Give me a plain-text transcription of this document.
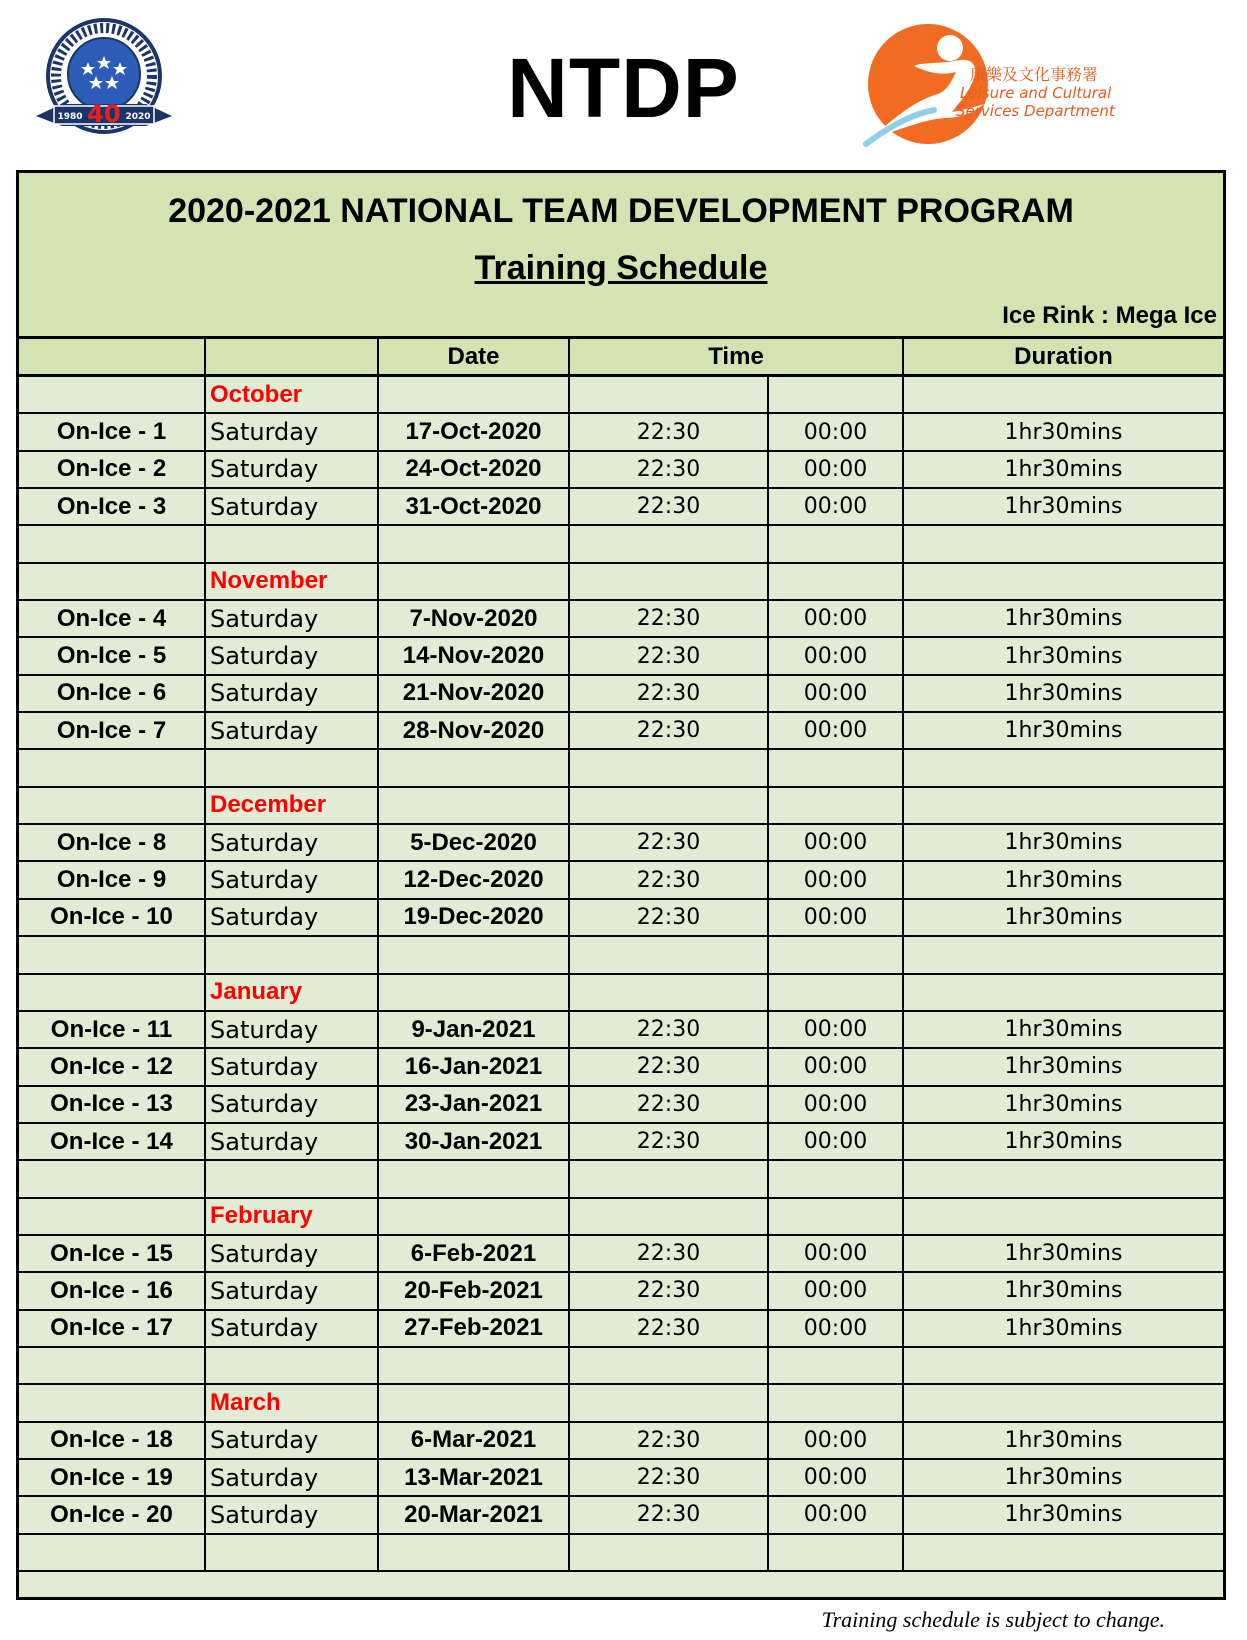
1980	2020
40	NTDP	康樂及文化事務署
Leisure and Cultural
Services Department
2020-2021 NATIONAL TEAM DEVELOPMENT PROGRAM
Training Schedule
Ice Rink : Mega Ice
Date	Time	Duration
October
On-Ice - 1	Saturday	17-Oct-2020	22:30	00:00	1hr30mins
On-Ice - 2	Saturday	24-Oct-2020	22:30	00:00	1hr30mins
On-Ice - 3	Saturday	31-Oct-2020	22:30	00:00	1hr30mins
November
On-Ice - 4	Saturday	7-Nov-2020	22:30	00:00	1hr30mins
On-Ice - 5	Saturday	14-Nov-2020	22:30	00:00	1hr30mins
On-Ice - 6	Saturday	21-Nov-2020	22:30	00:00	1hr30mins
On-Ice - 7	Saturday	28-Nov-2020	22:30	00:00	1hr30mins
December
On-Ice - 8	Saturday	5-Dec-2020	22:30	00:00	1hr30mins
On-Ice - 9	Saturday	12-Dec-2020	22:30	00:00	1hr30mins
On-Ice - 10	Saturday	19-Dec-2020	22:30	00:00	1hr30mins
January
On-Ice - 11	Saturday	9-Jan-2021	22:30	00:00	1hr30mins
On-Ice - 12	Saturday	16-Jan-2021	22:30	00:00	1hr30mins
On-Ice - 13	Saturday	23-Jan-2021	22:30	00:00	1hr30mins
On-Ice - 14	Saturday	30-Jan-2021	22:30	00:00	1hr30mins
February
On-Ice - 15	Saturday	6-Feb-2021	22:30	00:00	1hr30mins
On-Ice - 16	Saturday	20-Feb-2021	22:30	00:00	1hr30mins
On-Ice - 17	Saturday	27-Feb-2021	22:30	00:00	1hr30mins
March
On-Ice - 18	Saturday	6-Mar-2021	22:30	00:00	1hr30mins
On-Ice - 19	Saturday	13-Mar-2021	22:30	00:00	1hr30mins
On-Ice - 20	Saturday	20-Mar-2021	22:30	00:00	1hr30mins
Training schedule is subject to change.
